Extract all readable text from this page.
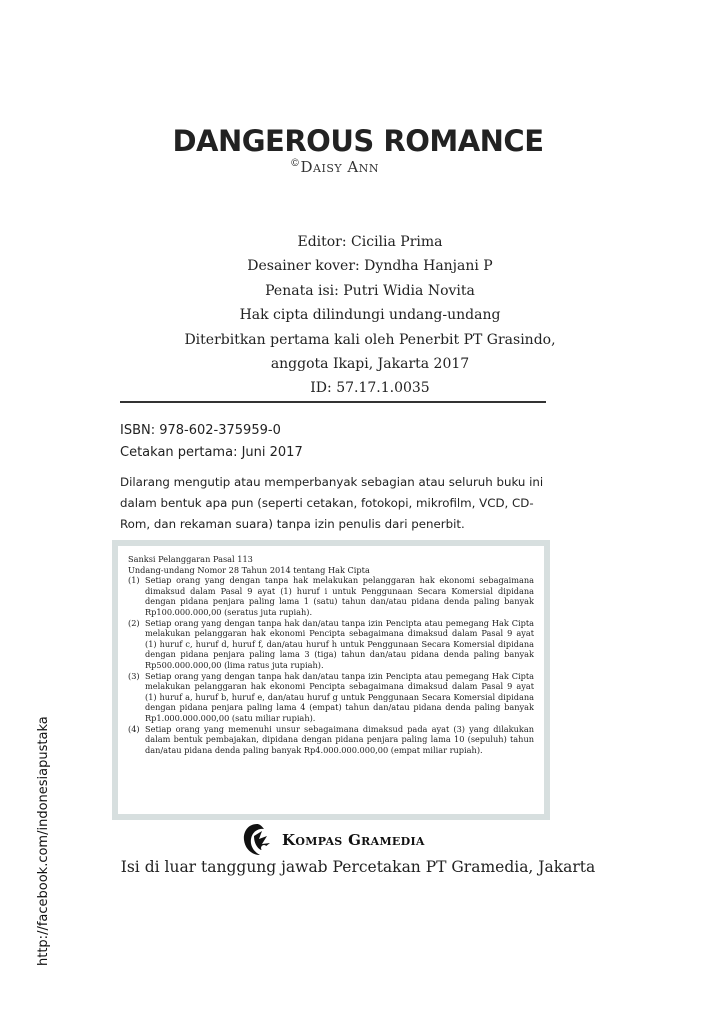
DANGEROUS ROMANCE
©Daisy Ann
Editor: Cicilia Prima
Desainer kover: Dyndha Hanjani P
Penata isi: Putri Widia Novita
Hak cipta dilindungi undang-undang
Diterbitkan pertama kali oleh Penerbit PT Grasindo,
anggota Ikapi, Jakarta 2017
ID: 57.17.1.0035
ISBN: 978-602-375959-0
Cetakan pertama: Juni 2017
Dilarang mengutip atau memperbanyak sebagian atau seluruh buku ini dalam bentuk apa pun (seperti cetakan, fotokopi, mikrofilm, VCD, CD-Rom, dan rekaman suara) tanpa izin penulis dari penerbit.
Sanksi Pelanggaran Pasal 113
Undang-undang Nomor 28 Tahun 2014 tentang Hak Cipta
(1) Setiap orang yang dengan tanpa hak melakukan pelanggaran hak ekonomi sebagaimana dimaksud dalam Pasal 9 ayat (1) huruf i untuk Penggunaan Secara Komersial dipidana dengan pidana penjara paling lama 1 (satu) tahun dan/atau pidana denda paling banyak Rp100.000.000,00 (seratus juta rupiah).
(2) Setiap orang yang dengan tanpa hak dan/atau tanpa izin Pencipta atau pemegang Hak Cipta melakukan pelanggaran hak ekonomi Pencipta sebagaimana dimaksud dalam Pasal 9 ayat (1) huruf c, huruf d, huruf f, dan/atau huruf h untuk Penggunaan Secara Komersial dipidana dengan pidana penjara paling lama 3 (tiga) tahun dan/atau pidana denda paling banyak Rp500.000.000,00 (lima ratus juta rupiah).
(3) Setiap orang yang dengan tanpa hak dan/atau tanpa izin Pencipta atau pemegang Hak Cipta melakukan pelanggaran hak ekonomi Pencipta sebagaimana dimaksud dalam Pasal 9 ayat (1) huruf a, huruf b, huruf e, dan/atau huruf g untuk Penggunaan Secara Komersial dipidana dengan pidana penjara paling lama 4 (empat) tahun dan/atau pidana denda paling banyak Rp1.000.000.000,00 (satu miliar rupiah).
(4) Setiap orang yang memenuhi unsur sebagaimana dimaksud pada ayat (3) yang dilakukan dalam bentuk pembajakan, dipidana dengan pidana penjara paling lama 10 (sepuluh) tahun dan/atau pidana denda paling banyak Rp4.000.000.000,00 (empat miliar rupiah).
Kompas Gramedia
Isi di luar tanggung jawab Percetakan PT Gramedia, Jakarta
http://facebook.com/indonesiapustaka
